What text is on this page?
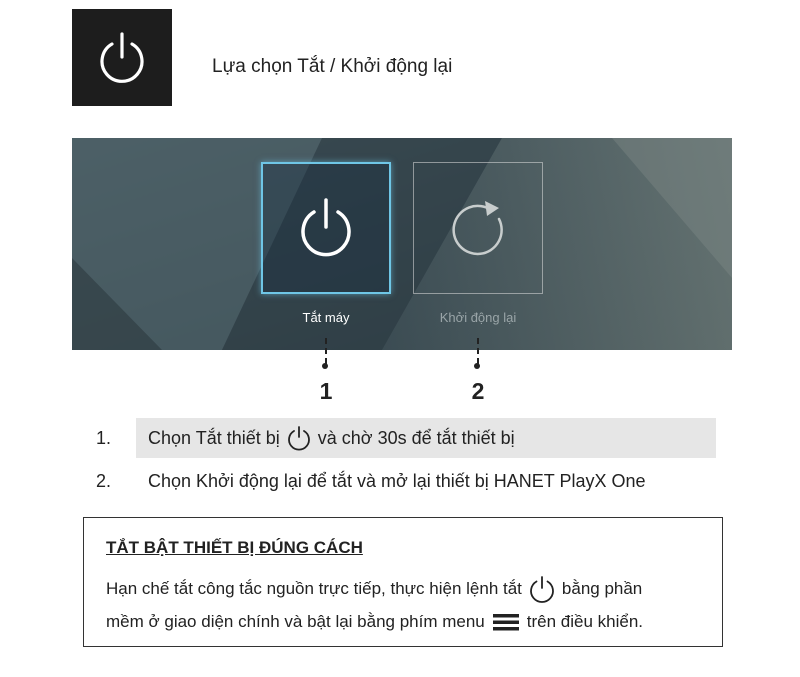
Lựa chọn Tắt / Khởi động lại
Tắt máy	Khởi động lại
1	2
1.	Chọn Tắt thiết bị và chờ 30s để tắt thiết bị
2.	Chọn Khởi động lại để tắt và mở lại thiết bị HANET PlayX One
TẮT BẬT THIẾT BỊ ĐÚNG CÁCH
Hạn chế tắt công tắc nguồn trực tiếp, thực hiện lệnh tắt bằng phần
mềm ở giao diện chính và bật lại bằng phím menu trên điều khiển.
